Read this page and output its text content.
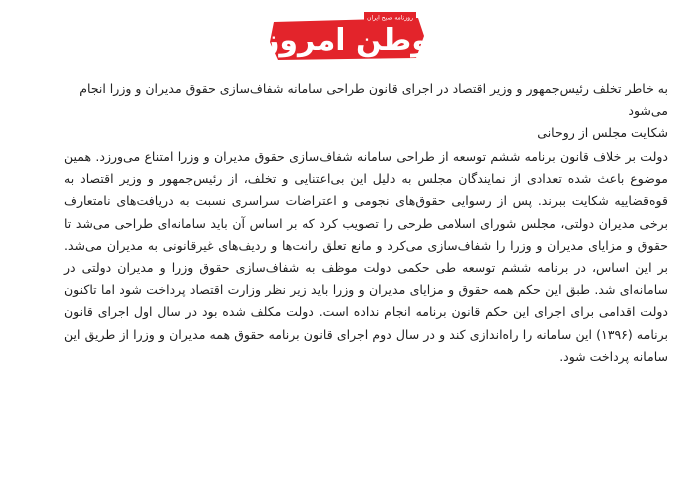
وطن امروز
روزنامه صبح ایران
به خاطر تخلف رئیس‌جمهور و وزیر اقتصاد در اجرای قانون طراحی سامانه شفاف‌سازی حقوق مدیران و وزرا انجام می‌شود
شکایت مجلس از روحانی

دولت بر خلاف قانون برنامه ششم توسعه از طراحی سامانه شفاف‌سازی حقوق مدیران و وزرا امتناع می‌ورزد. همین موضوع باعث شده تعدادی از نمایندگان مجلس به دلیل این بی‌اعتنایی و تخلف، از رئیس‌جمهور و وزیر اقتصاد به قوه‌قضاییه شکایت ببرند. پس از رسوایی حقوق‌های نجومی و اعتراضات سراسری نسبت به دریافت‌های نامتعارف برخی مدیران دولتی، مجلس شورای اسلامی طرحی را تصویب کرد که بر اساس آن باید سامانه‌ای طراحی می‌شد تا حقوق و مزایای مدیران و وزرا را شفاف‌سازی می‌کرد و مانع تعلق رانت‌ها و ردیف‌های غیرقانونی به مدیران می‌شد. بر این اساس، در برنامه ششم توسعه طی حکمی دولت موظف به شفاف‌سازی حقوق وزرا و مدیران دولتی در سامانه‌ای شد. طبق این حکم همه حقوق و مزایای مدیران و وزرا باید زیر نظر وزارت اقتصاد پرداخت شود اما تاکنون دولت اقدامی برای اجرای این حکم قانون برنامه انجام نداده است. دولت مکلف شده بود در سال اول اجرای قانون برنامه (۱۳۹۶) این سامانه را راه‌اندازی کند و در سال دوم اجرای قانون برنامه حقوق همه مدیران و وزرا از طریق این سامانه پرداخت شود.
